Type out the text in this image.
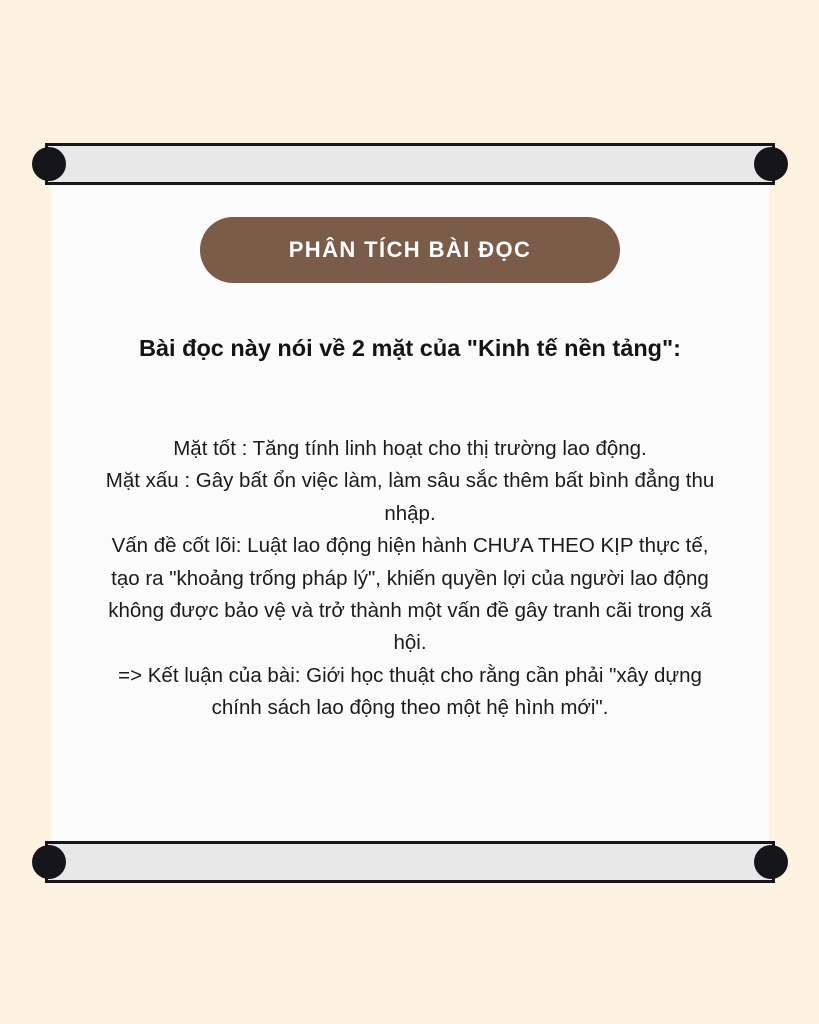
PHÂN TÍCH BÀI ĐỌC
Bài đọc này nói về 2 mặt của "Kinh tế nền tảng":
Mặt tốt : Tăng tính linh hoạt cho thị trường lao động.
Mặt xấu : Gây bất ổn việc làm, làm sâu sắc thêm bất bình đẳng thu nhập.
Vấn đề cốt lõi: Luật lao động hiện hành CHƯA THEO KỊP thực tế, tạo ra "khoảng trống pháp lý", khiến quyền lợi của người lao động không được bảo vệ và trở thành một vấn đề gây tranh cãi trong xã hội.
=> Kết luận của bài: Giới học thuật cho rằng cần phải "xây dựng chính sách lao động theo một hệ hình mới".
